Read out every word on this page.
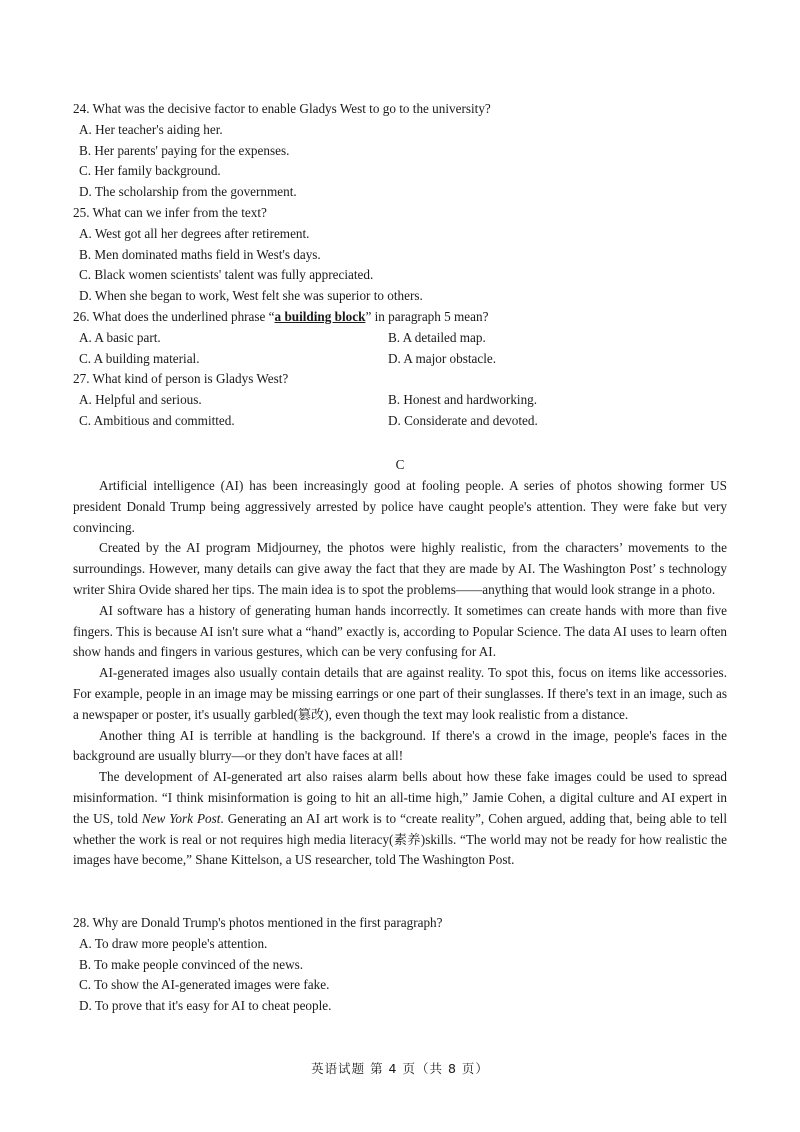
24. What was the decisive factor to enable Gladys West to go to the university?

A. Her teacher's aiding her.

B. Her parents' paying for the expenses.

C. Her family background.

D. The scholarship from the government.

25. What can we infer from the text?

A. West got all her degrees after retirement.

B. Men dominated maths field in West's days.

C. Black women scientists' talent was fully appreciated.

D. When she began to work, West felt she was superior to others.

26. What does the underlined phrase “a building block” in paragraph 5 mean?

A. A basic part.	B. A detailed map.

C. A building material.	D. A major obstacle.

27. What kind of person is Gladys West?

A. Helpful and serious.	B. Honest and hardworking.

C. Ambitious and committed.	D. Considerate and devoted.

C

Artificial intelligence (AI) has been increasingly good at fooling people. A series of photos showing former US president Donald Trump being aggressively arrested by police have caught people's attention. They were fake but very convincing.

Created by the AI program Midjourney, the photos were highly realistic, from the characters’ movements to the surroundings. However, many details can give away the fact that they are made by AI. The Washington Post’ s technology writer Shira Ovide shared her tips. The main idea is to spot the problems——anything that would look strange in a photo.

AI software has a history of generating human hands incorrectly. It sometimes can create hands with more than five fingers. This is because AI isn't sure what a “hand” exactly is, according to Popular Science. The data AI uses to learn often show hands and fingers in various gestures, which can be very confusing for AI.

AI-generated images also usually contain details that are against reality. To spot this, focus on items like accessories. For example, people in an image may be missing earrings or one part of their sunglasses. If there's text in an image, such as a newspaper or poster, it's usually garbled(篡改), even though the text may look realistic from a distance.

Another thing AI is terrible at handling is the background. If there's a crowd in the image, people's faces in the background are usually blurry—or they don't have faces at all!

The development of AI-generated art also raises alarm bells about how these fake images could be used to spread misinformation. “I think misinformation is going to hit an all-time high,” Jamie Cohen, a digital culture and AI expert in the US, told New York Post. Generating an AI art work is to “create reality”, Cohen argued, adding that, being able to tell whether the work is real or not requires high media literacy(素养)skills. “The world may not be ready for how realistic the images have become,” Shane Kittelson, a US researcher, told The Washington Post.

28. Why are Donald Trump's photos mentioned in the first paragraph?

A. To draw more people's attention.

B. To make people convinced of the news.

C. To show the AI-generated images were fake.

D. To prove that it's easy for AI to cheat people.

英语试题 第 4 页（共 8 页）
